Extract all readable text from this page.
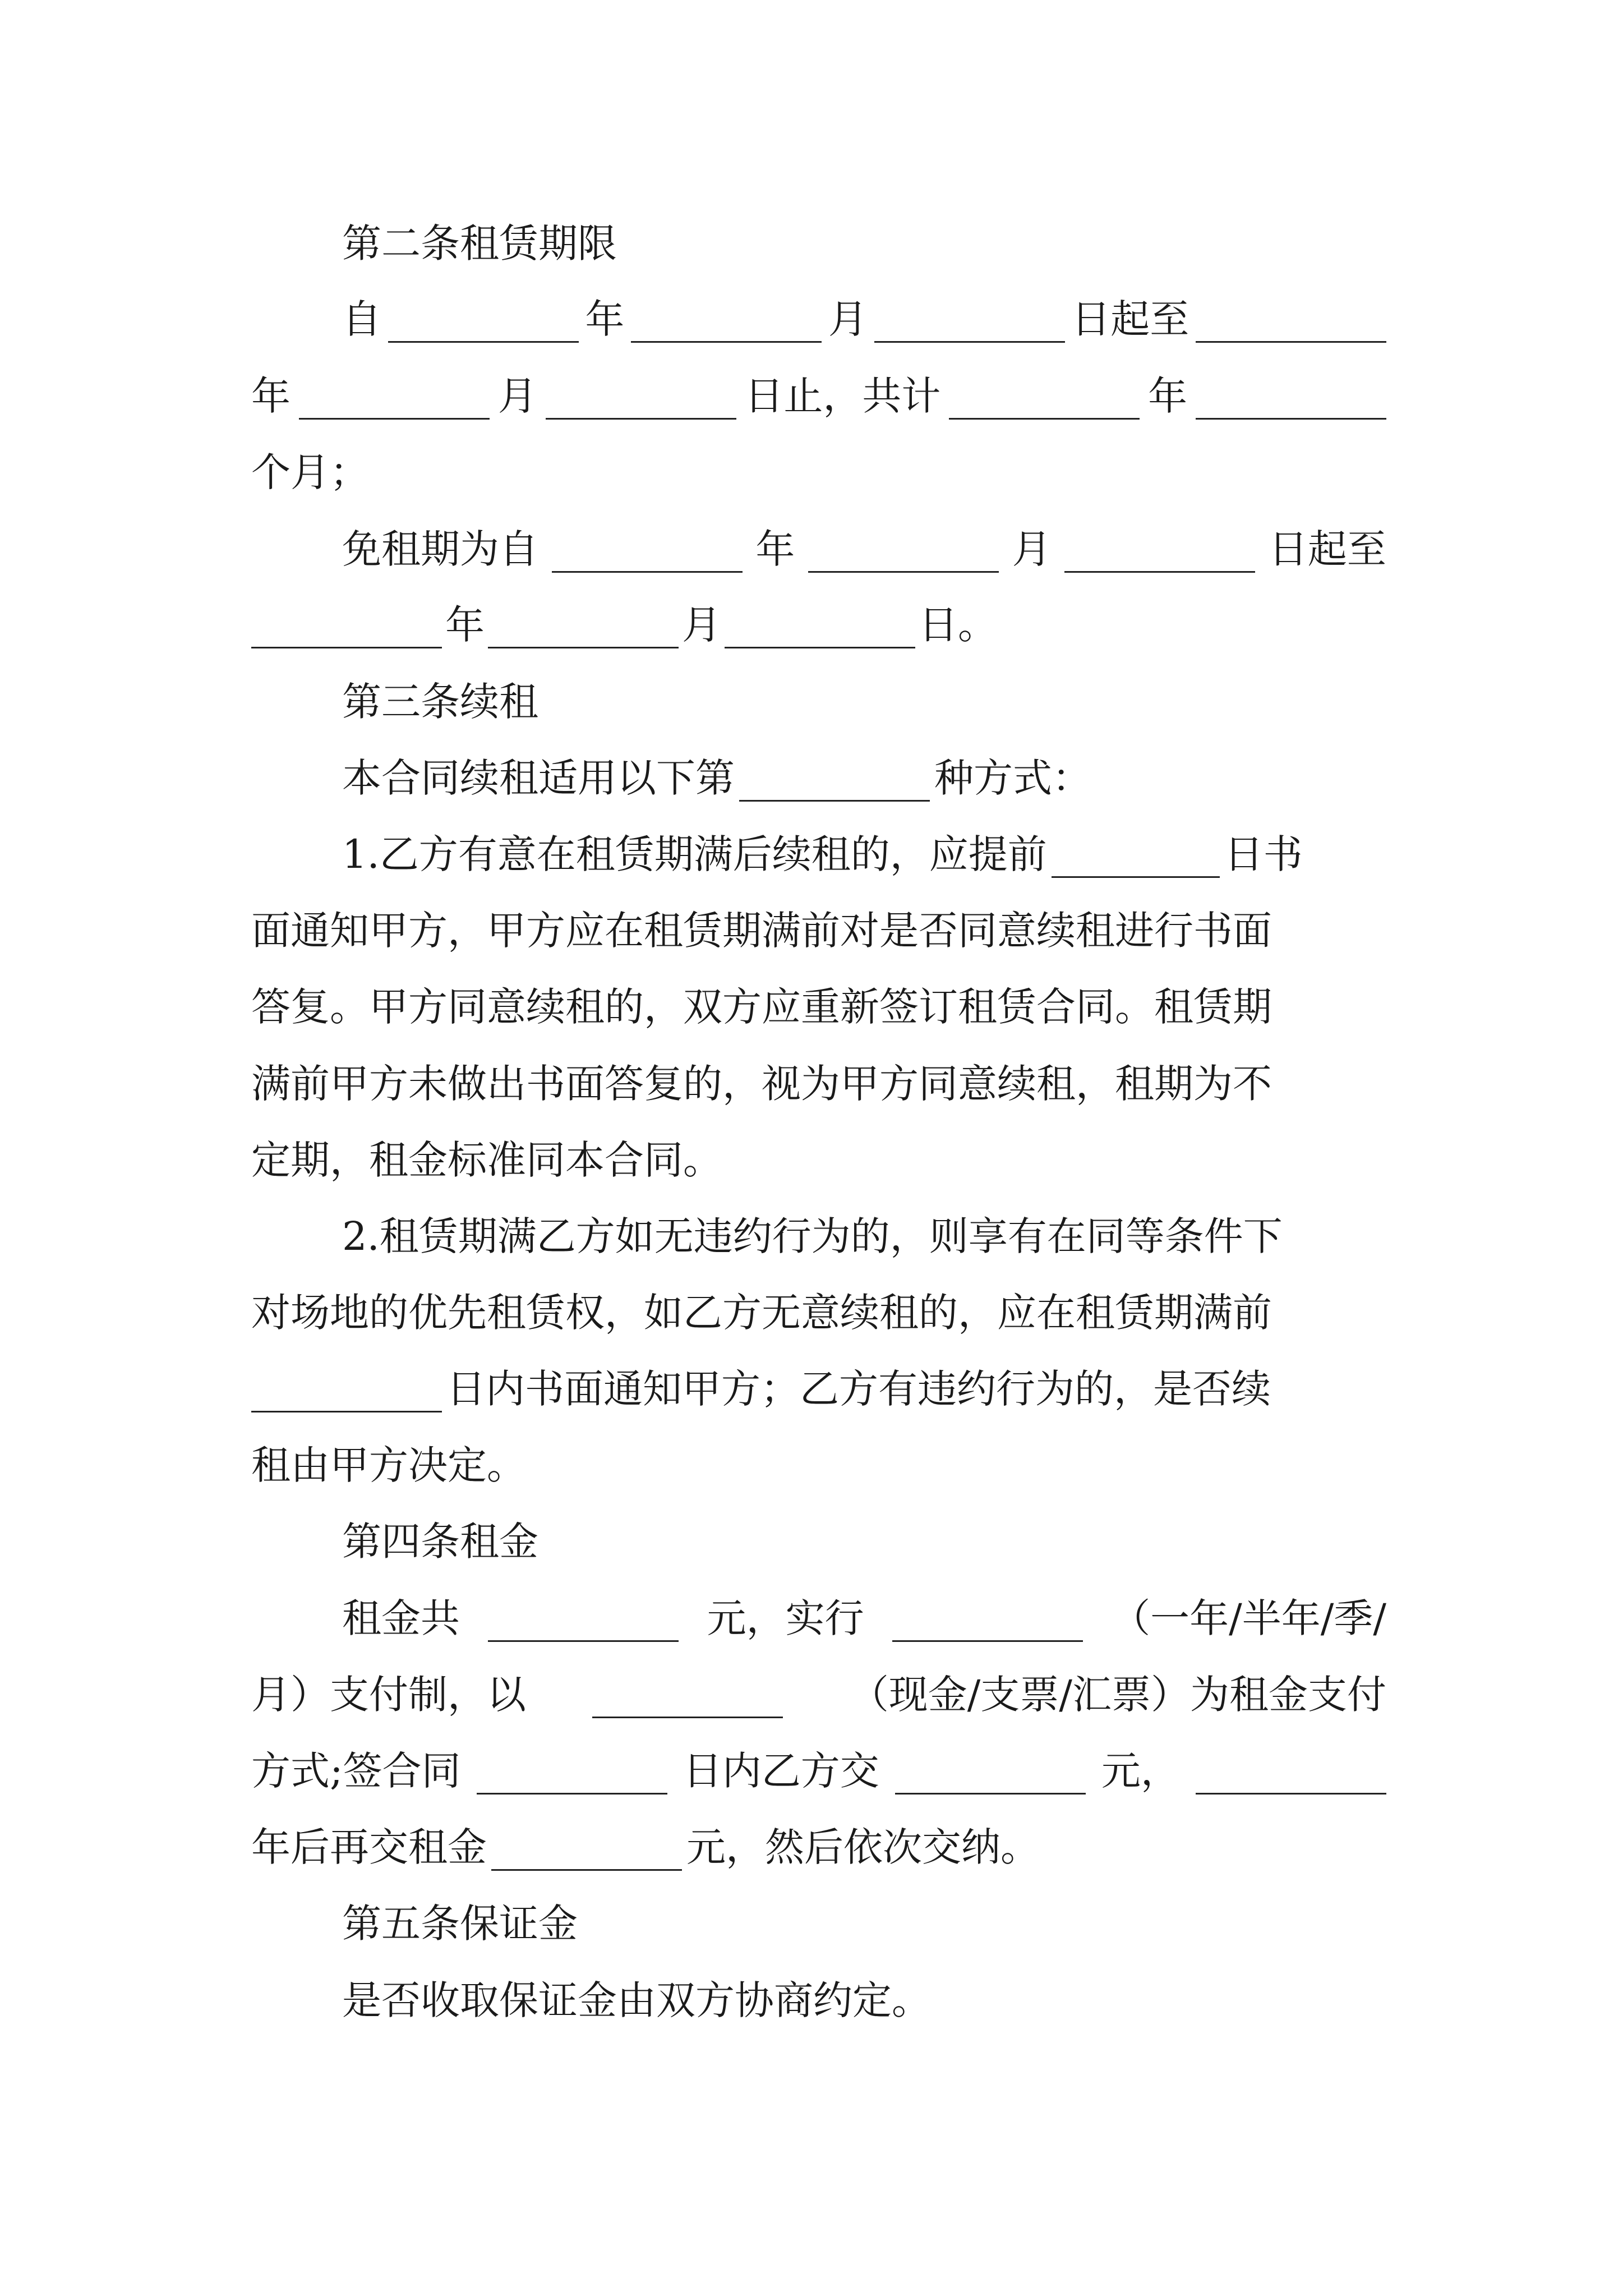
第二条租赁期限
自	年	月	日起至
年	月	日止，共计	年
个月；
免租期为自	年	月	日起至
年	月	日。
第三条续租
本合同续租适用以下第	种方式：
1.乙方有意在租赁期满后续租的，应提前	日书
面通知甲方，甲方应在租赁期满前对是否同意续租进行书面
答复。甲方同意续租的，双方应重新签订租赁合同。租赁期
满前甲方未做出书面答复的，视为甲方同意续租，租期为不
定期，租金标准同本合同。
2.租赁期满乙方如无违约行为的，则享有在同等条件下
对场地的优先租赁权，如乙方无意续租的，应在租赁期满前
日内书面通知甲方；乙方有违约行为的，是否续
租由甲方决定。
第四条租金
租金共	元，实行	（一年/半年/季/
月）支付制，以	（现金/支票/汇票）为租金支付
方式;签合同	日内乙方交	元，
年后再交租金	元，然后依次交纳。
第五条保证金
是否收取保证金由双方协商约定。
